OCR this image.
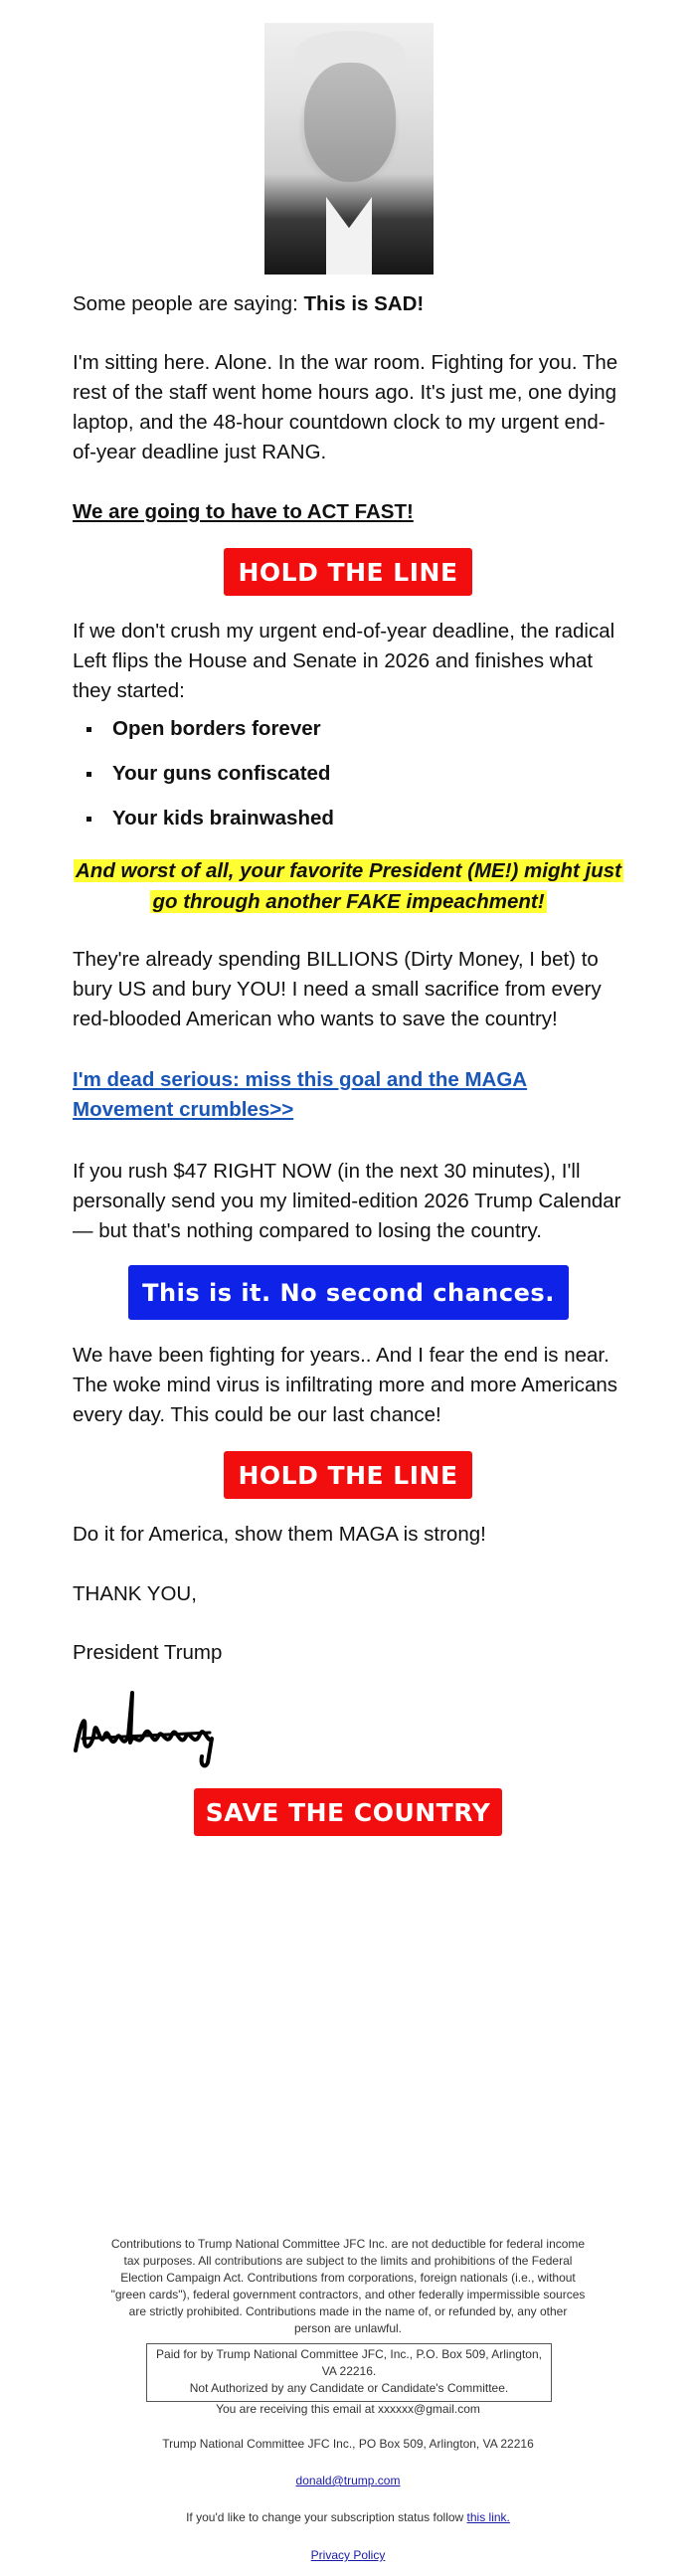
Some people are saying: This is SAD!

I'm sitting here. Alone. In the war room. Fighting for you. The rest of the staff went home hours ago. It's just me, one dying laptop, and the 48-hour countdown clock to my urgent end-of-year deadline just RANG.

We are going to have to ACT FAST!

HOLD THE LINE

If we don't crush my urgent end-of-year deadline, the radical Left flips the House and Senate in 2026 and finishes what they started:

Open borders forever
Your guns confiscated
Your kids brainwashed
And worst of all, your favorite President (ME!) might just
go through another FAKE impeachment!

They're already spending BILLIONS (Dirty Money, I bet) to bury US and bury YOU! I need a small sacrifice from every red-blooded American who wants to save the country!

I'm dead serious: miss this goal and the MAGA Movement crumbles>>

If you rush $47 RIGHT NOW (in the next 30 minutes), I'll personally send you my limited-edition 2026 Trump Calendar — but that's nothing compared to losing the country.

This is it. No second chances.

We have been fighting for years.. And I fear the end is near. The woke mind virus is infiltrating more and more Americans every day. This could be our last chance!

HOLD THE LINE

Do it for America, show them MAGA is strong!

THANK YOU,

President Trump

SAVE THE COUNTRY
Contributions to Trump National Committee JFC Inc. are not deductible for federal income tax purposes. All contributions are subject to the limits and prohibitions of the Federal Election Campaign Act. Contributions from corporations, foreign nationals (i.e., without "green cards"), federal government contractors, and other federally impermissible sources are strictly prohibited. Contributions made in the name of, or refunded by, any other person are unlawful.
Paid for by Trump National Committee JFC, Inc., P.O. Box 509, Arlington, VA 22216.
Not Authorized by any Candidate or Candidate's Committee.
You are receiving this email at xxxxxx@gmail.com
Trump National Committee JFC Inc., PO Box 509, Arlington, VA 22216
donald@trump.com
If you'd like to change your subscription status follow this link.
Privacy Policy
